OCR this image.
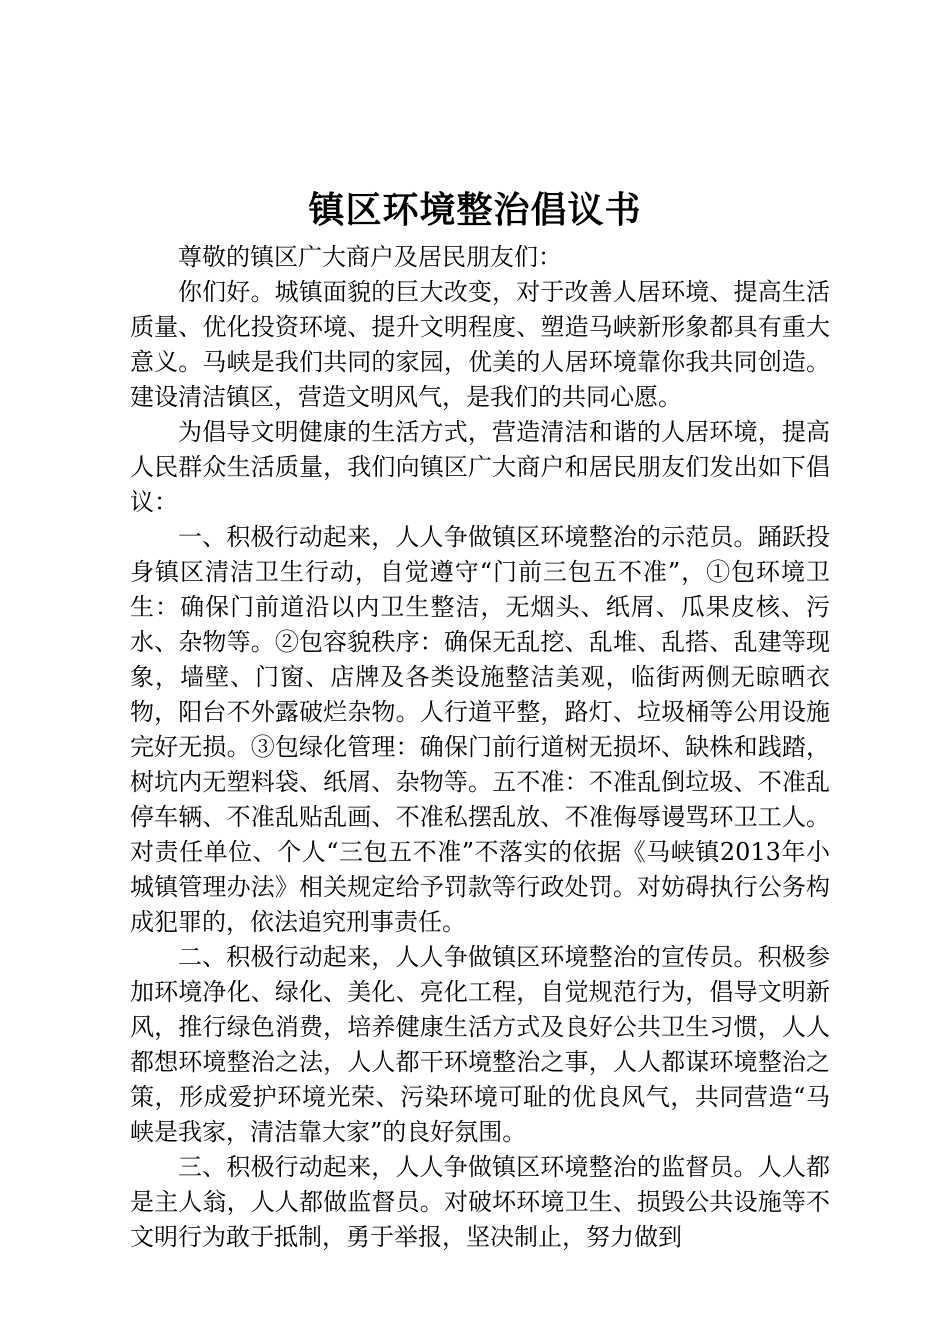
镇区环境整治倡议书

尊敬的镇区广大商户及居民朋友们：

你们好。城镇面貌的巨大改变，对于改善人居环境、提高生活质量、优化投资环境、提升文明程度、塑造马峡新形象都具有重大意义。马峡是我们共同的家园，优美的人居环境靠你我共同创造。建设清洁镇区，营造文明风气，是我们的共同心愿。

为倡导文明健康的生活方式，营造清洁和谐的人居环境，提高人民群众生活质量，我们向镇区广大商户和居民朋友们发出如下倡议：

一、积极行动起来，人人争做镇区环境整治的示范员。踊跃投身镇区清洁卫生行动，自觉遵守“门前三包五不准”，①包环境卫生：确保门前道沿以内卫生整洁，无烟头、纸屑、瓜果皮核、污水、杂物等。②包容貌秩序：确保无乱挖、乱堆、乱搭、乱建等现象，墙壁、门窗、店牌及各类设施整洁美观，临街两侧无晾晒衣物，阳台不外露破烂杂物。人行道平整，路灯、垃圾桶等公用设施完好无损。③包绿化管理：确保门前行道树无损坏、缺株和践踏，树坑内无塑料袋、纸屑、杂物等。五不准：不准乱倒垃圾、不准乱停车辆、不准乱贴乱画、不准私摆乱放、不准侮辱谩骂环卫工人。对责任单位、个人“三包五不准”不落实的依据《马峡镇2013年小城镇管理办法》相关规定给予罚款等行政处罚。对妨碍执行公务构成犯罪的，依法追究刑事责任。

二、积极行动起来，人人争做镇区环境整治的宣传员。积极参加环境净化、绿化、美化、亮化工程，自觉规范行为，倡导文明新风，推行绿色消费，培养健康生活方式及良好公共卫生习惯，人人都想环境整治之法，人人都干环境整治之事，人人都谋环境整治之策，形成爱护环境光荣、污染环境可耻的优良风气，共同营造“马峡是我家，清洁靠大家”的良好氛围。

三、积极行动起来，人人争做镇区环境整治的监督员。人人都是主人翁，人人都做监督员。对破坏环境卫生、损毁公共设施等不文明行为敢于抵制，勇于举报，坚决制止，努力做到
